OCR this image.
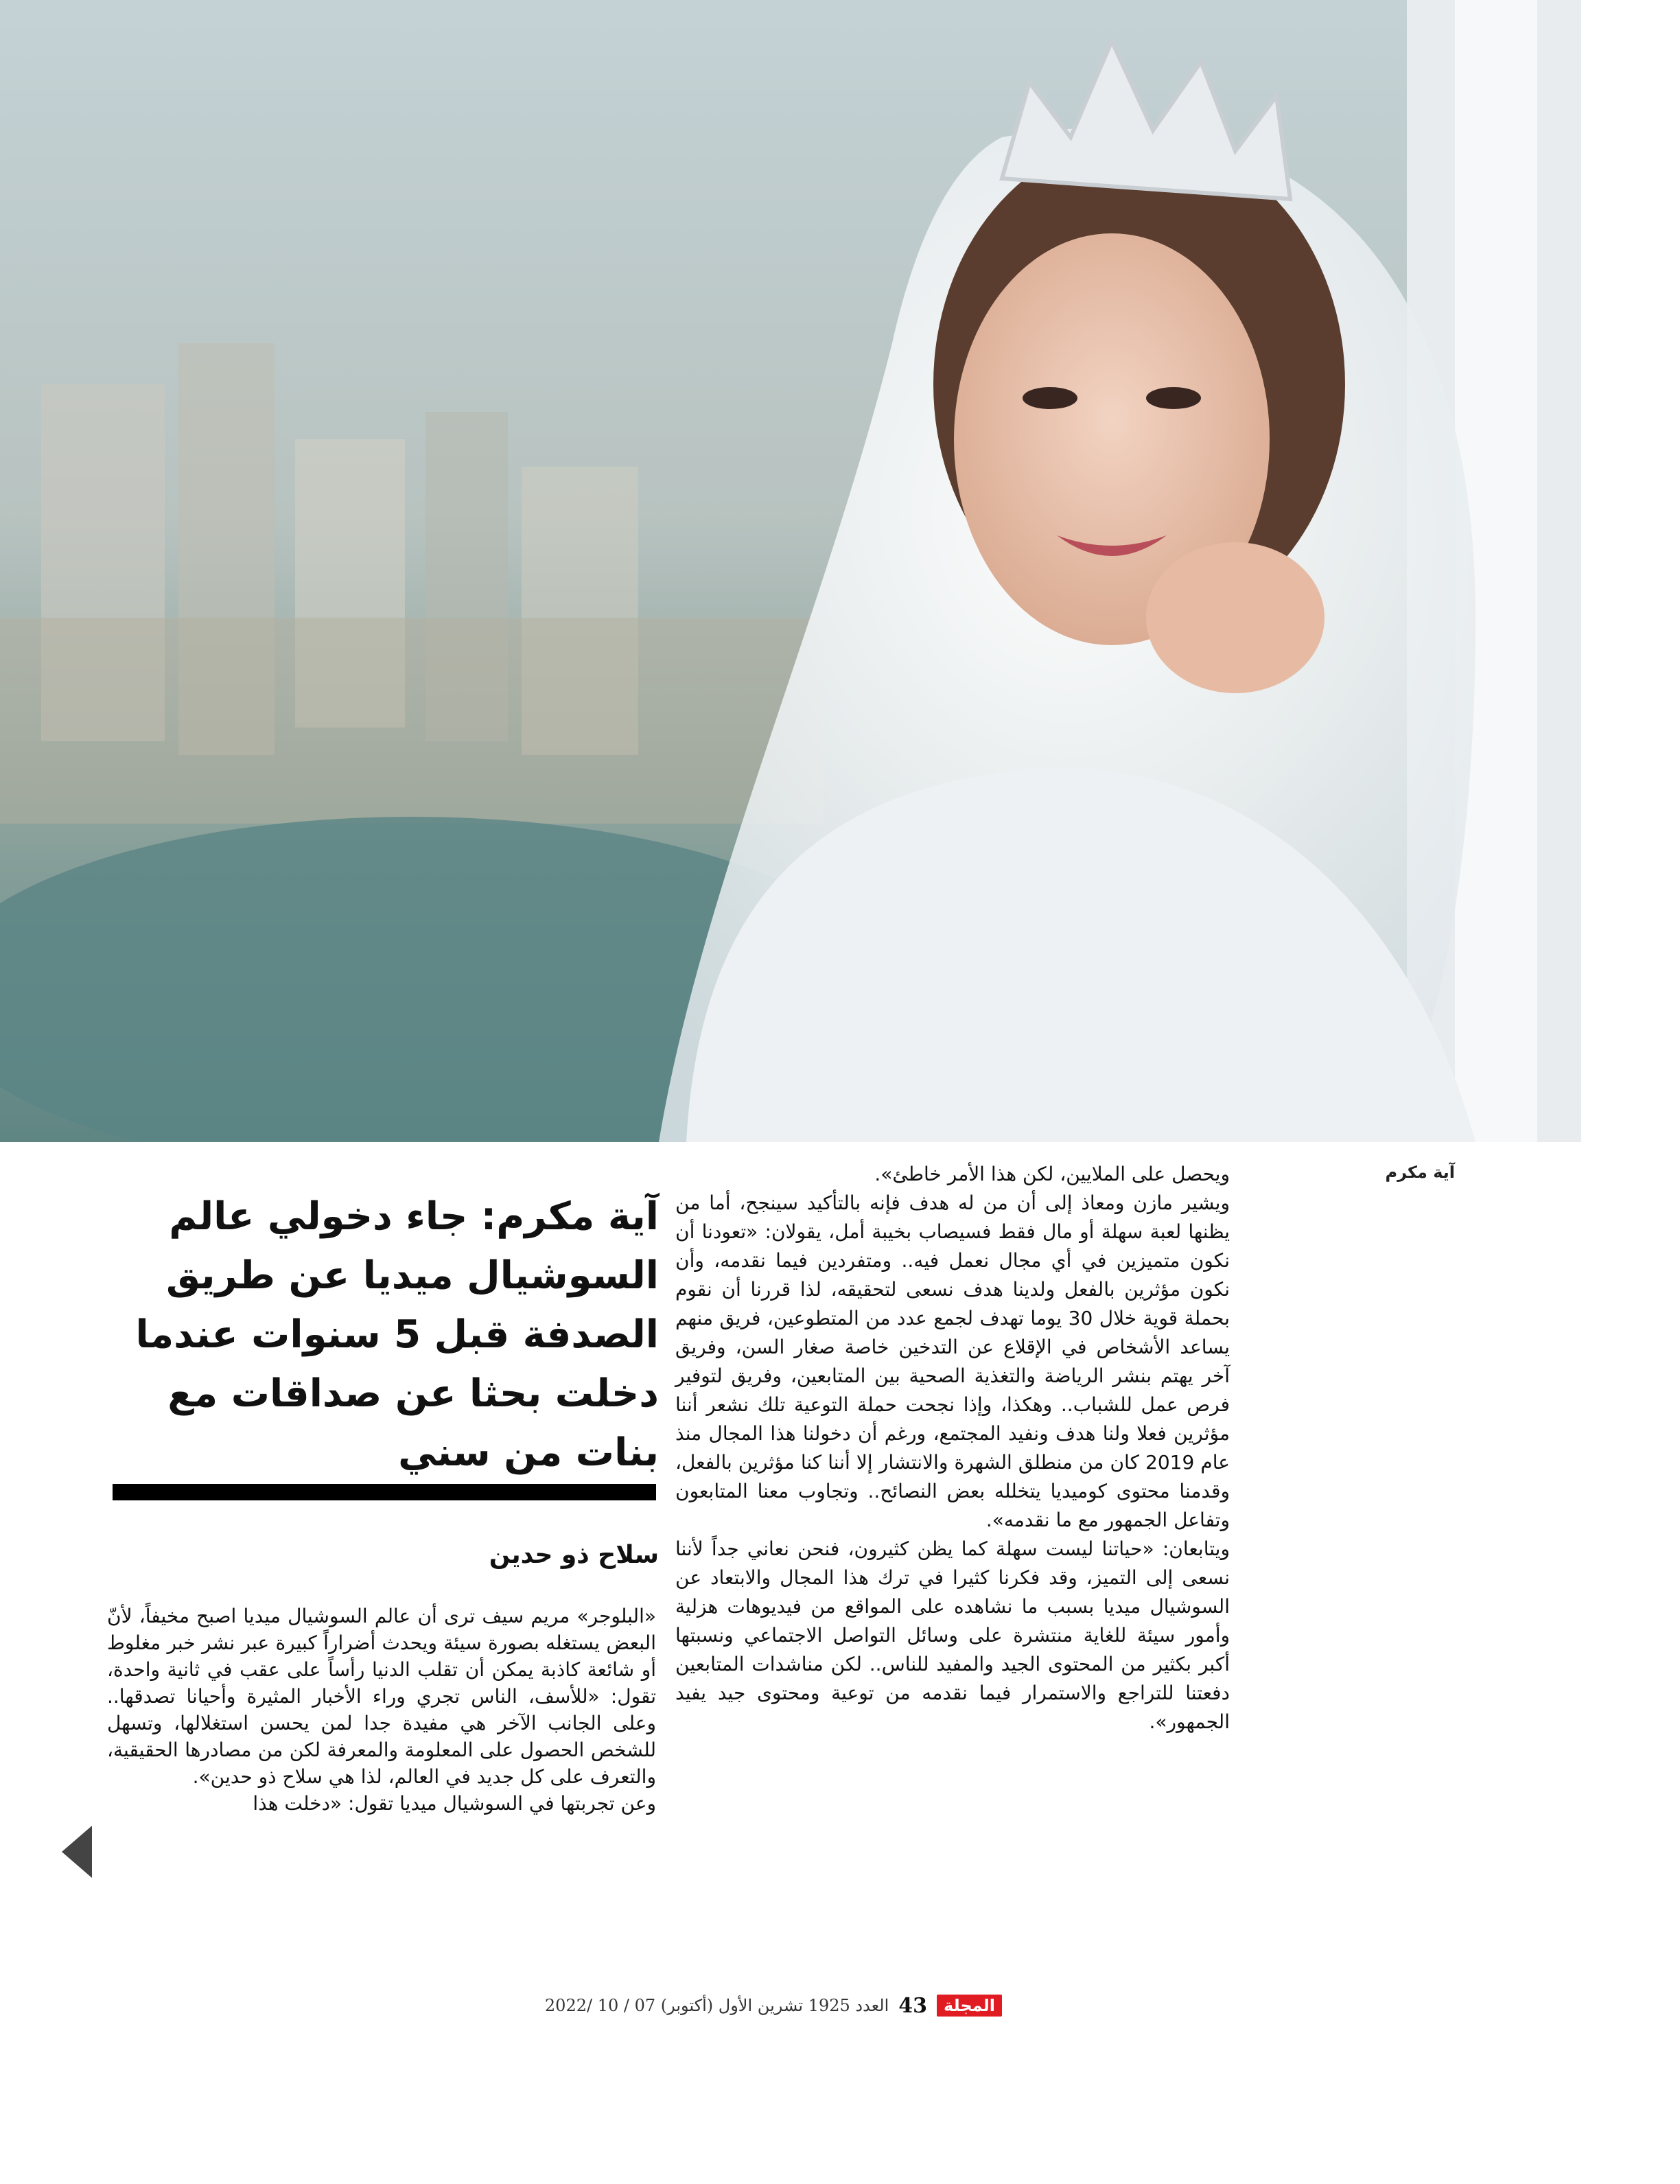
آية مكرم
آية مكرم: جاء دخولي عالم السوشيال ميديا عن طريق الصدفة قبل 5 سنوات عندما دخلت بحثا عن صداقات مع بنات من سني
سلاح ذو حدين

«البلوجر» مريم سيف ترى أن عالم السوشيال ميديا اصبح مخيفاً، لأنّ البعض يستغله بصورة سيئة ويحدث أضراراً كبيرة عبر نشر خبر مغلوط أو شائعة كاذبة يمكن أن تقلب الدنيا رأساً على عقب في ثانية واحدة، تقول: «للأسف، الناس تجري وراء الأخبار المثيرة وأحيانا تصدقها.. وعلى الجانب الآخر هي مفيدة جدا لمن يحسن استغلالها، وتسهل للشخص الحصول على المعلومة والمعرفة لكن من مصادرها الحقيقية، والتعرف على كل جديد في العالم، لذا هي سلاح ذو حدين».

وعن تجربتها في السوشيال ميديا تقول: «دخلت هذا

ويحصل على الملايين، لكن هذا الأمر خاطئ».

ويشير مازن ومعاذ إلى أن من له هدف فإنه بالتأكيد سينجح، أما من يظنها لعبة سهلة أو مال فقط فسيصاب بخيبة أمل، يقولان: «تعودنا أن نكون متميزين في أي مجال نعمل فيه.. ومتفردين فيما نقدمه، وأن نكون مؤثرين بالفعل ولدينا هدف نسعى لتحقيقه، لذا قررنا أن نقوم بحملة قوية خلال 30 يوما تهدف لجمع عدد من المتطوعين، فريق منهم يساعد الأشخاص في الإقلاع عن التدخين خاصة صغار السن، وفريق آخر يهتم بنشر الرياضة والتغذية الصحية بين المتابعين، وفريق لتوفير فرص عمل للشباب.. وهكذا، وإذا نجحت حملة التوعية تلك نشعر أننا مؤثرين فعلا ولنا هدف ونفيد المجتمع، ورغم أن دخولنا هذا المجال منذ عام 2019 كان من منطلق الشهرة والانتشار إلا أننا كنا مؤثرين بالفعل، وقدمنا محتوى كوميديا يتخلله بعض النصائح.. وتجاوب معنا المتابعون وتفاعل الجمهور مع ما نقدمه».

ويتابعان: «حياتنا ليست سهلة كما يظن كثيرون، فنحن نعاني جداً لأننا نسعى إلى التميز، وقد فكرنا كثيرا في ترك هذا المجال والابتعاد عن السوشيال ميديا بسبب ما نشاهده على المواقع من فيديوهات هزلية وأمور سيئة للغاية منتشرة على وسائل التواصل الاجتماعي ونسبتها أكبر بكثير من المحتوى الجيد والمفيد للناس.. لكن مناشدات المتابعين دفعتنا للتراجع والاستمرار فيما نقدمه من توعية ومحتوى جيد يفيد الجمهور».

المجلة
43
العدد 1925 تشرين الأول (أكتوبر) 07 / 10 /2022
